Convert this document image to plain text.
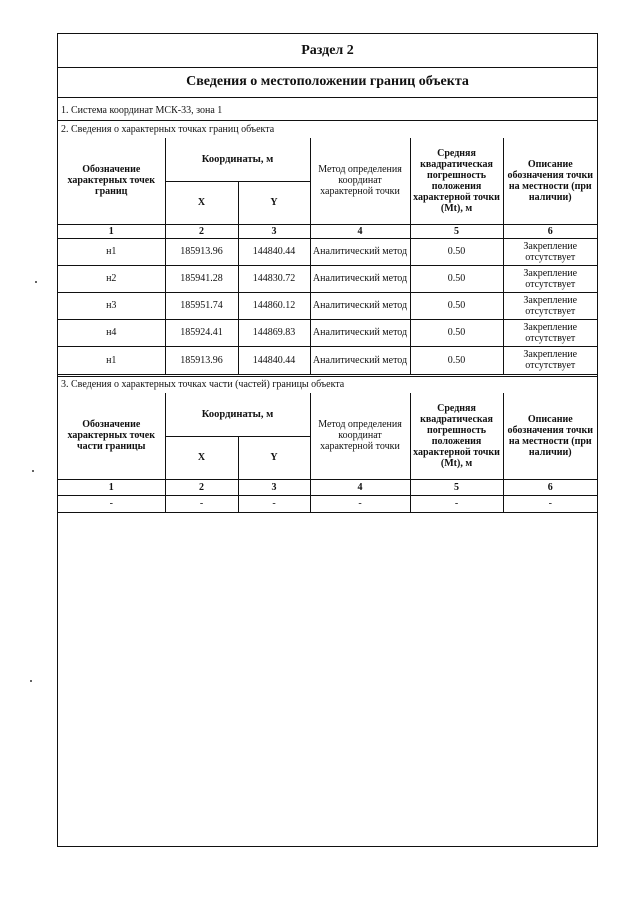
Раздел 2
Сведения о местоположении границ объекта
1. Система координат МСК-33, зона 1
2. Сведения о характерных точках границ объекта
Обозначение характерных точек границ	Координаты, м		Метод определения координат характерной точки	Средняя квадратическая погрешность положения характерной точки (Mt), м	Описание обозначения точки на местности (при наличии)
	X	Y			
1	2	3	4	5	6
н1	185913.96	144840.44	Аналитический метод	0.50	Закрепление отсутствует
н2	185941.28	144830.72	Аналитический метод	0.50	Закрепление отсутствует
н3	185951.74	144860.12	Аналитический метод	0.50	Закрепление отсутствует
н4	185924.41	144869.83	Аналитический метод	0.50	Закрепление отсутствует
н1	185913.96	144840.44	Аналитический метод	0.50	Закрепление отсутствует
3. Сведения о характерных точках части (частей) границы объекта
Обозначение характерных точек части границы	Координаты, м		Метод определения координат характерной точки	Средняя квадратическая погрешность положения характерной точки (Mt), м	Описание обозначения точки на местности (при наличии)
	X	Y			
1	2	3	4	5	6
-	-	-	-	-	-
